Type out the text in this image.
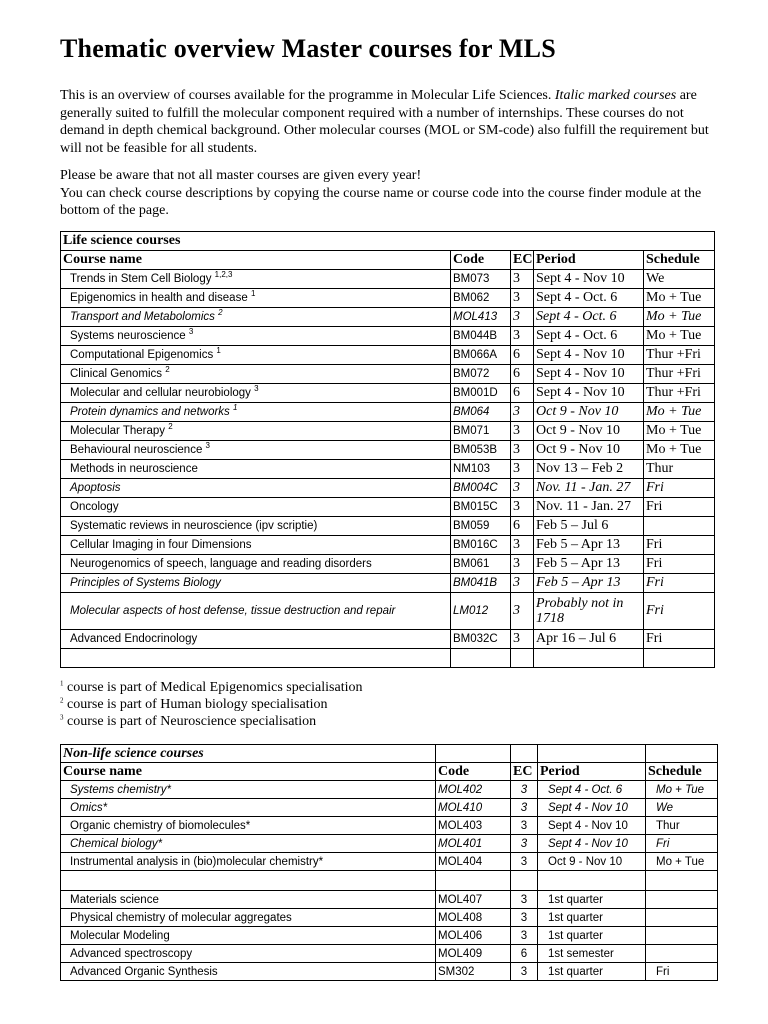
Thematic overview Master courses for MLS

This is an overview of courses available for the programme in Molecular Life Sciences. Italic marked courses are generally suited to fulfill the molecular component required with a number of internships. These courses do not demand in depth chemical background. Other molecular courses (MOL or SM-code) also fulfill the requirement but will not be feasible for all students.

Please be aware that not all master courses are given every year!
You can check course descriptions by copying the course name or course code into the course finder module at the bottom of the page.

Life science courses				
Course name	Code	EC	Period	Schedule
Trends in Stem Cell Biology $^{1,2,3}$	BM073	3	Sept 4 - Nov 10	We
Epigenomics in health and disease $^1$	BM062	3	Sept 4 - Oct. 6	Mo + Tue
Transport and Metabolomics $^2$	MOL413	3	Sept 4 - Oct. 6	Mo + Tue
Systems neuroscience $^3$	BM044B	3	Sept 4 - Oct. 6	Mo + Tue
Computational Epigenomics $^1$	BM066A	6	Sept 4 - Nov 10	Thur +Fri
Clinical Genomics $^2$	BM072	6	Sept 4 - Nov 10	Thur +Fri
Molecular and cellular neurobiology $^3$	BM001D	6	Sept 4 - Nov 10	Thur +Fri
Protein dynamics and networks $^1$	BM064	3	Oct 9 - Nov 10	Mo + Tue
Molecular Therapy $^2$	BM071	3	Oct 9 - Nov 10	Mo + Tue
Behavioural neuroscience $^3$	BM053B	3	Oct 9 - Nov 10	Mo + Tue
Methods in neuroscience	NM103	3	Nov 13 – Feb 2	Thur
Apoptosis	BM004C	3	Nov. 11 - Jan. 27	Fri
Oncology	BM015C	3	Nov. 11 - Jan. 27	Fri
Systematic reviews in neuroscience (ipv scriptie)	BM059	6	Feb 5 – Jul 6	
Cellular Imaging in four Dimensions	BM016C	3	Feb 5 – Apr 13	Fri
Neurogenomics of speech, language and reading disorders	BM061	3	Feb 5 – Apr 13	Fri
Principles of Systems Biology	BM041B	3	Feb 5 – Apr 13	Fri
Molecular aspects of host defense, tissue destruction and repair	LM012	3	Probably not in 1718	Fri
Advanced Endocrinology	BM032C	3	Apr 16 – Jul 6	Fri

$^1$ course is part of Medical Epigenomics specialisation
$^2$ course is part of Human biology specialisation
$^3$ course is part of Neuroscience specialisation
Non-life science courses				
Course name	Code	EC	Period	Schedule
Systems chemistry*	MOL402	3	Sept 4 - Oct. 6	Mo + Tue
Omics*	MOL410	3	Sept 4 - Nov 10	We
Organic chemistry of biomolecules*	MOL403	3	Sept 4 - Nov 10	Thur
Chemical biology*	MOL401	3	Sept 4 - Nov 10	Fri
Instrumental analysis in (bio)molecular chemistry*	MOL404	3	Oct 9 - Nov 10	Mo + Tue

Materials science	MOL407	3	1st quarter	
Physical chemistry of molecular aggregates	MOL408	3	1st quarter	
Molecular Modeling	MOL406	3	1st quarter	
Advanced spectroscopy	MOL409	6	1st semester	
Advanced Organic Synthesis	SM302	3	1st quarter	Fri
